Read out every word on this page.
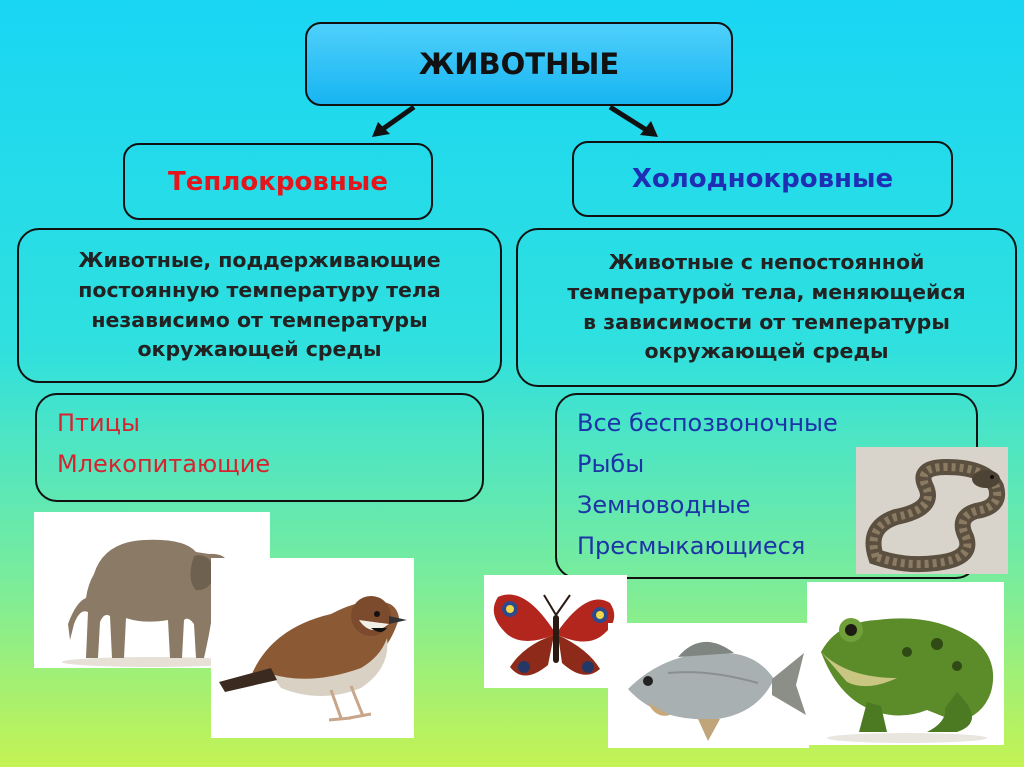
ЖИВОТНЫЕ
Теплокровные	Холоднокровные
Животные, поддерживающие
постоянную температуру тела
независимо от температуры
окружающей среды
Животные с непостоянной
температурой тела, меняющейся
в зависимости от температуры
окружающей среды
Птицы
Млекопитающие
Все беспозвоночные
Рыбы
Земноводные
Пресмыкающиеся
